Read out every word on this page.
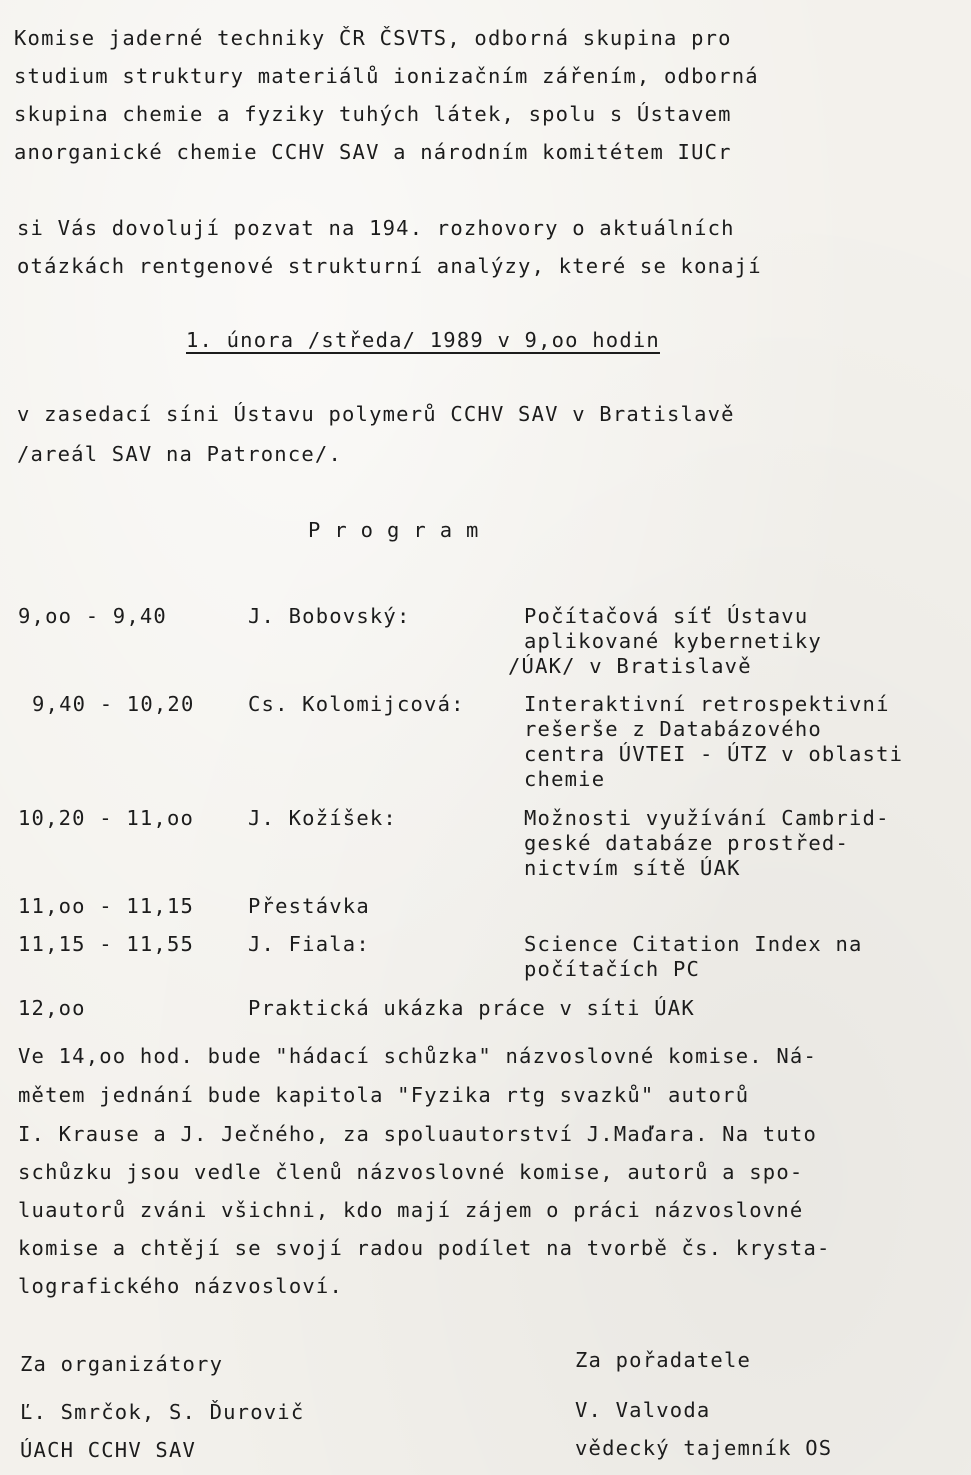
Komise jaderné techniky ČR ČSVTS, odborná skupina pro
studium struktury materiálů ionizačním zářením, odborná
skupina chemie a fyziky tuhých látek, spolu s Ústavem
anorganické chemie CCHV SAV a národním komitétem IUCr
si Vás dovolují pozvat na 194. rozhovory o aktuálních
otázkách rentgenové strukturní analýzy, které se konají
1. února /středa/ 1989 v 9,oo hodin
v zasedací síni Ústavu polymerů CCHV SAV v Bratislavě
/areál SAV na Patronce/.
Program
9,oo - 9,40	J. Bobovský:	Počítačová síť Ústavu
aplikované kybernetiky
/ÚAK/ v Bratislavě
9,40 - 10,20	Cs. Kolomijcová:	Interaktivní retrospektivní
rešerše z Databázového
centra ÚVTEI - ÚTZ v oblasti
chemie
10,20 - 11,oo	J. Kožíšek:	Možnosti využívání Cambrid-
geské databáze prostřed-
nictvím sítě ÚAK
11,oo - 11,15	Přestávka
11,15 - 11,55	J. Fiala:	Science Citation Index na
počítačích PC
12,oo	Praktická ukázka práce v síti ÚAK
Ve 14,oo hod. bude "hádací schůzka" názvoslovné komise. Ná-
mětem jednání bude kapitola "Fyzika rtg svazků" autorů
I. Krause a J. Ječného, za spoluautorství J.Maďara. Na tuto
schůzku jsou vedle členů názvoslovné komise, autorů a spo-
luautorů zváni všichni, kdo mají zájem o práci názvoslovné
komise a chtějí se svojí radou podílet na tvorbě čs. krysta-
lografického názvosloví.
Za organizátory
Ľ. Smrčok, S. Ďurovič
ÚACH CCHV SAV
Za pořadatele
V. Valvoda
vědecký tajemník OS
